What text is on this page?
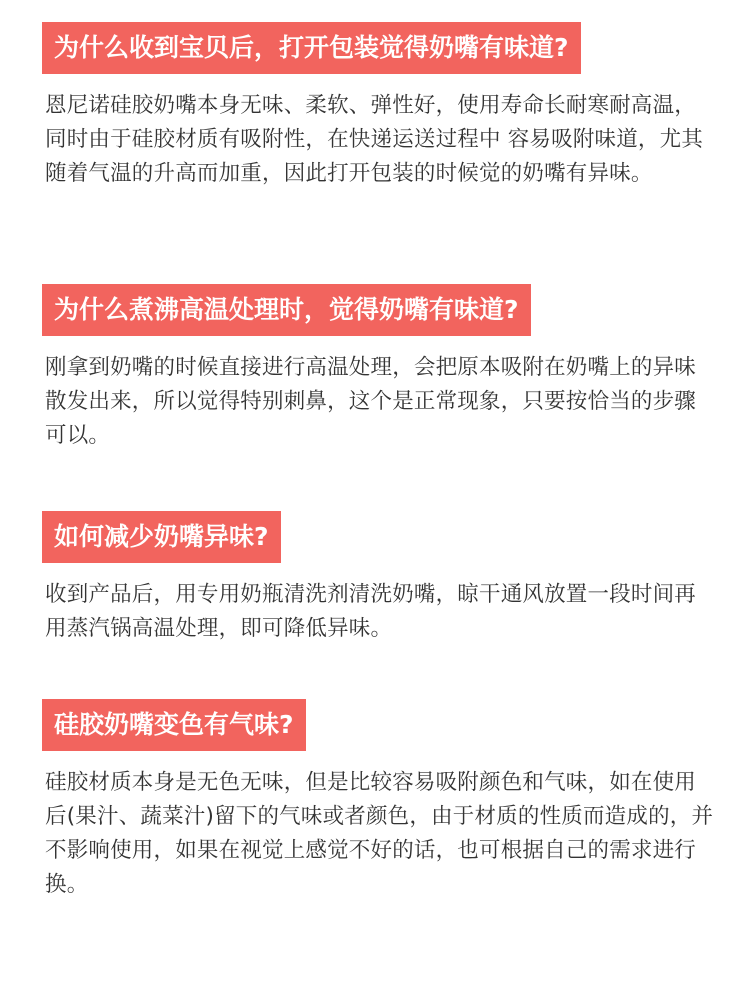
为什么收到宝贝后，打开包装觉得奶嘴有味道?

恩尼诺硅胶奶嘴本身无味、柔软、弹性好，使用寿命长耐寒耐高温，同时由于硅胶材质有吸附性，在快递运送过程中 容易吸附味道，尤其随着气温的升高而加重，因此打开包装的时候觉的奶嘴有异味。

为什么煮沸高温处理时，觉得奶嘴有味道?

刚拿到奶嘴的时候直接进行高温处理，会把原本吸附在奶嘴上的异味散发出来，所以觉得特别刺鼻，这个是正常现象，只要按恰当的步骤可以。

如何减少奶嘴异味?

收到产品后，用专用奶瓶清洗剂清洗奶嘴，晾干通风放置一段时间再用蒸汽锅高温处理，即可降低异味。

硅胶奶嘴变色有气味?

硅胶材质本身是无色无味，但是比较容易吸附颜色和气味，如在使用后(果汁、蔬菜汁)留下的气味或者颜色，由于材质的性质而造成的，并不影响使用，如果在视觉上感觉不好的话，也可根据自己的需求进行换。
